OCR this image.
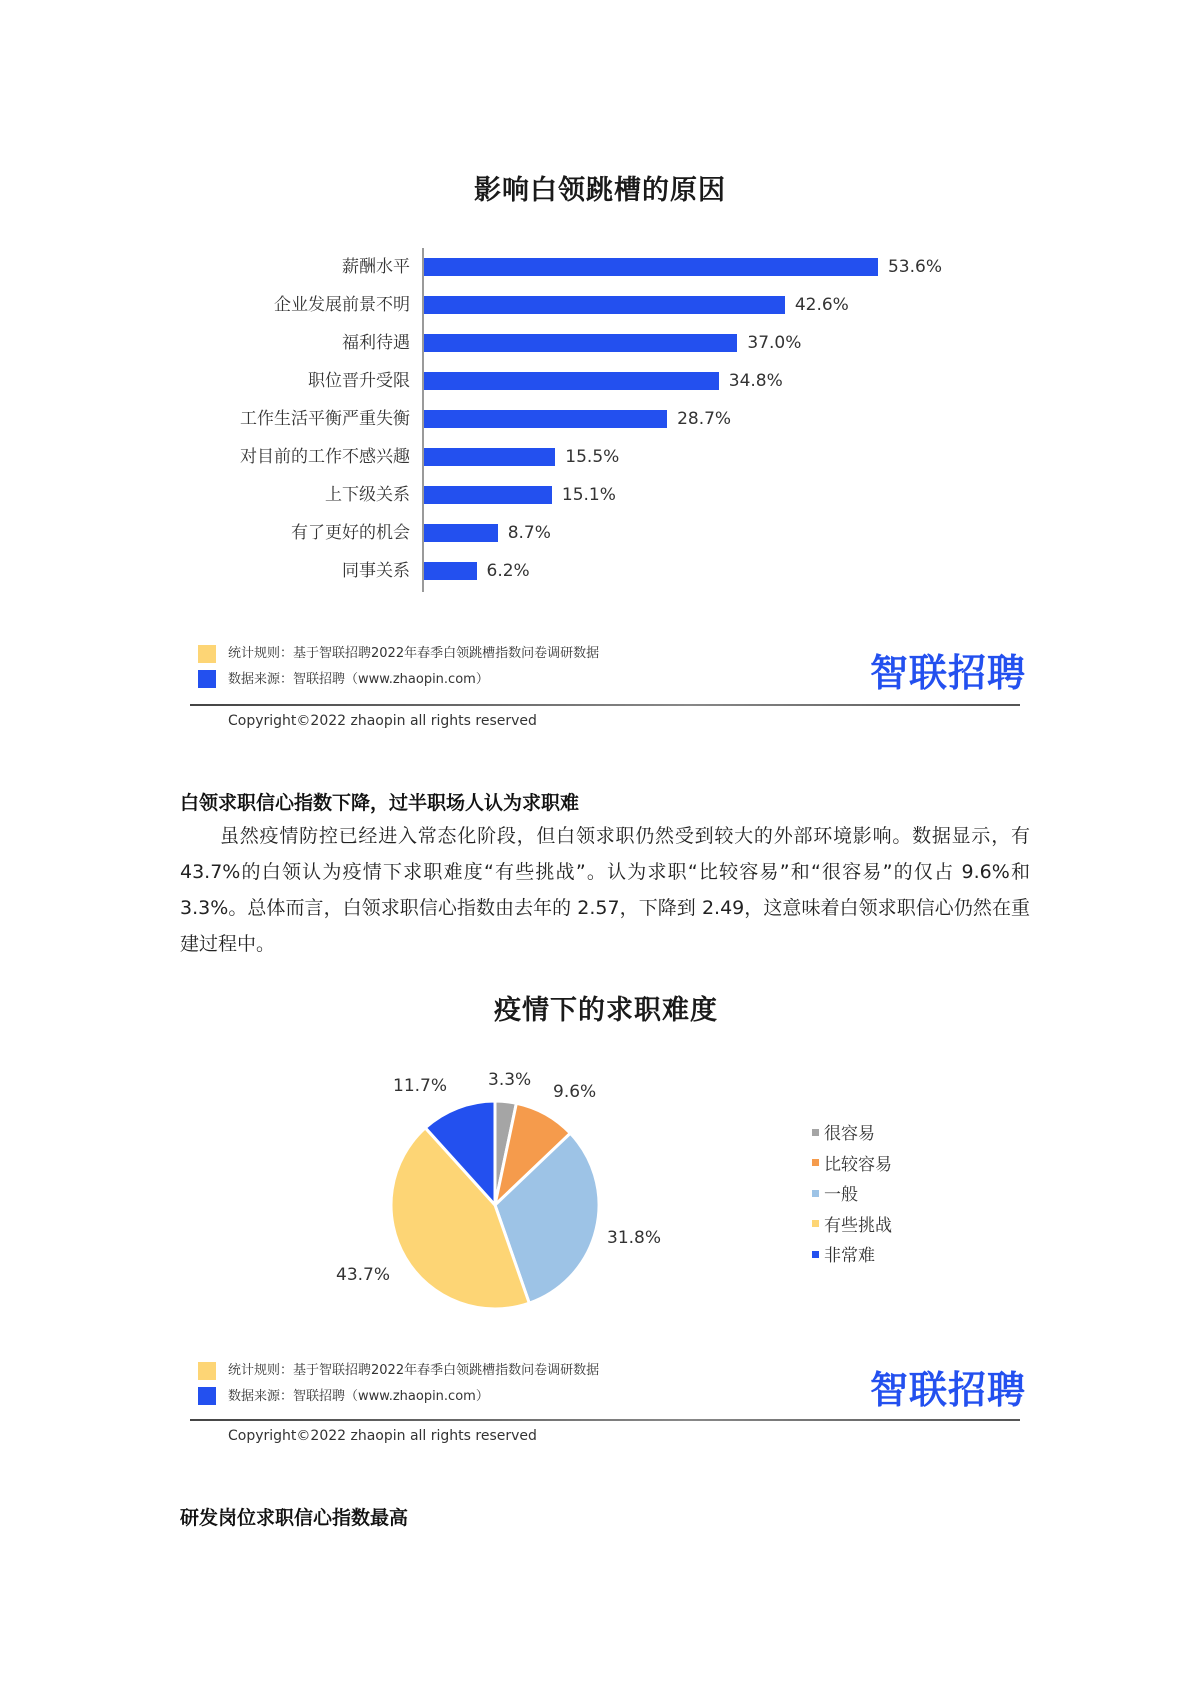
影响白领跳槽的原因
薪酬水平	53.6%
企业发展前景不明	42.6%
福利待遇	37.0%
职位晋升受限	34.8%
工作生活平衡严重失衡	28.7%
对目前的工作不感兴趣	15.5%
上下级关系	15.1%
有了更好的机会	8.7%
同事关系	6.2%
统计规则：基于智联招聘2022年春季白领跳槽指数问卷调研数据
数据来源：智联招聘（www.zhaopin.com）	智联招聘
Copyright©2022 zhaopin all rights reserved
白领求职信心指数下降，过半职场人认为求职难
虽然疫情防控已经进入常态化阶段，但白领求职仍然受到较大的外部环境影响。数据显示，有 43.7%的白领认为疫情下求职难度“有些挑战”。认为求职“比较容易”和“很容易”的仅占 9.6%和 3.3%。总体而言，白领求职信心指数由去年的 2.57，下降到 2.49，这意味着白领求职信心仍然在重建过程中。
疫情下的求职难度
3.3%
9.6%
31.8%
43.7%
11.7%
很容易
比较容易
一般
有些挑战
非常难
统计规则：基于智联招聘2022年春季白领跳槽指数问卷调研数据
数据来源：智联招聘（www.zhaopin.com）	智联招聘
Copyright©2022 zhaopin all rights reserved
研发岗位求职信心指数最高
